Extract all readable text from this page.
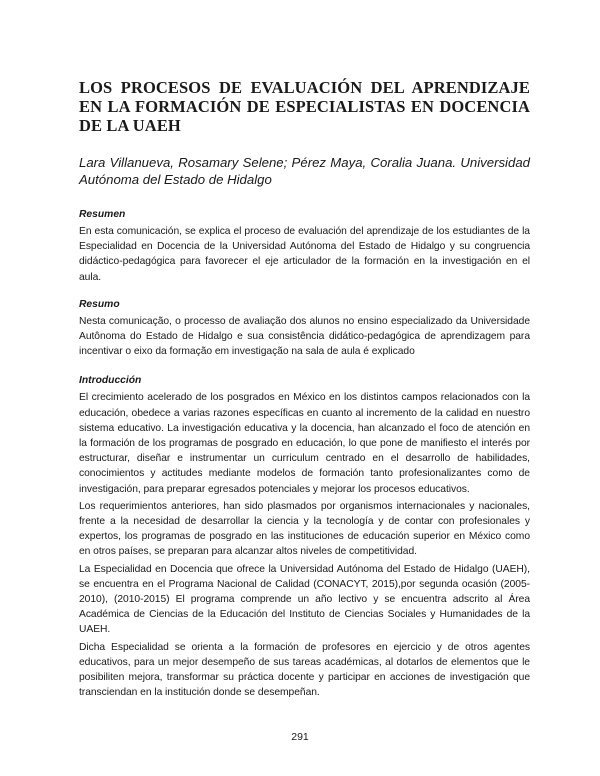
LOS PROCESOS DE EVALUACIÓN DEL APRENDIZAJE EN LA FORMACIÓN DE ESPECIALISTAS EN DOCENCIA DE LA UAEH

Lara Villanueva, Rosamary Selene; Pérez Maya, Coralia Juana. Universidad Autónoma del Estado de Hidalgo

Resumen

En esta comunicación, se explica el proceso de evaluación del aprendizaje de los estudiantes de la Especialidad en Docencia de la Universidad Autónoma del Estado de Hidalgo y su congruencia didáctico-pedagógica para favorecer el eje articulador de la formación en la investigación en el aula.

Resumo

Nesta comunicação, o processo de avaliação dos alunos no ensino especializado da Universidade Autônoma do Estado de Hidalgo e sua consistência didático-pedagógica de aprendizagem para incentivar o eixo da formação em investigação na sala de aula é explicado

Introducción

El crecimiento acelerado de los posgrados en México en los distintos campos relacionados con la educación, obedece a varias razones específicas en cuanto al incremento de la calidad en nuestro sistema educativo. La investigación educativa y la docencia, han alcanzado el foco de atención en la formación de los programas de posgrado en educación, lo que pone de manifiesto el interés por estructurar, diseñar e instrumentar un curriculum centrado en el desarrollo de habilidades, conocimientos y actitudes mediante modelos de formación tanto profesionalizantes como de investigación, para preparar egresados potenciales y mejorar los procesos educativos.

Los requerimientos anteriores, han sido plasmados por organismos internacionales y nacionales, frente a la necesidad de desarrollar la ciencia y la tecnología y de contar con profesionales y expertos, los programas de posgrado en las instituciones de educación superior en México como en otros países, se preparan para alcanzar altos niveles de competitividad.

La Especialidad en Docencia que ofrece la Universidad Autónoma del Estado de Hidalgo (UAEH), se encuentra en el Programa Nacional de Calidad (CONACYT, 2015),por segunda ocasión (2005-2010), (2010-2015) El programa comprende un año lectivo y se encuentra adscrito al Área Académica de Ciencias de la Educación del Instituto de Ciencias Sociales y Humanidades de la UAEH.

Dicha Especialidad se orienta a la formación de profesores en ejercicio y de otros agentes educativos, para un mejor desempeño de sus tareas académicas, al dotarlos de elementos que le posibiliten mejora, transformar su práctica docente y participar en acciones de investigación que transciendan en la institución donde se desempeñan.

291
